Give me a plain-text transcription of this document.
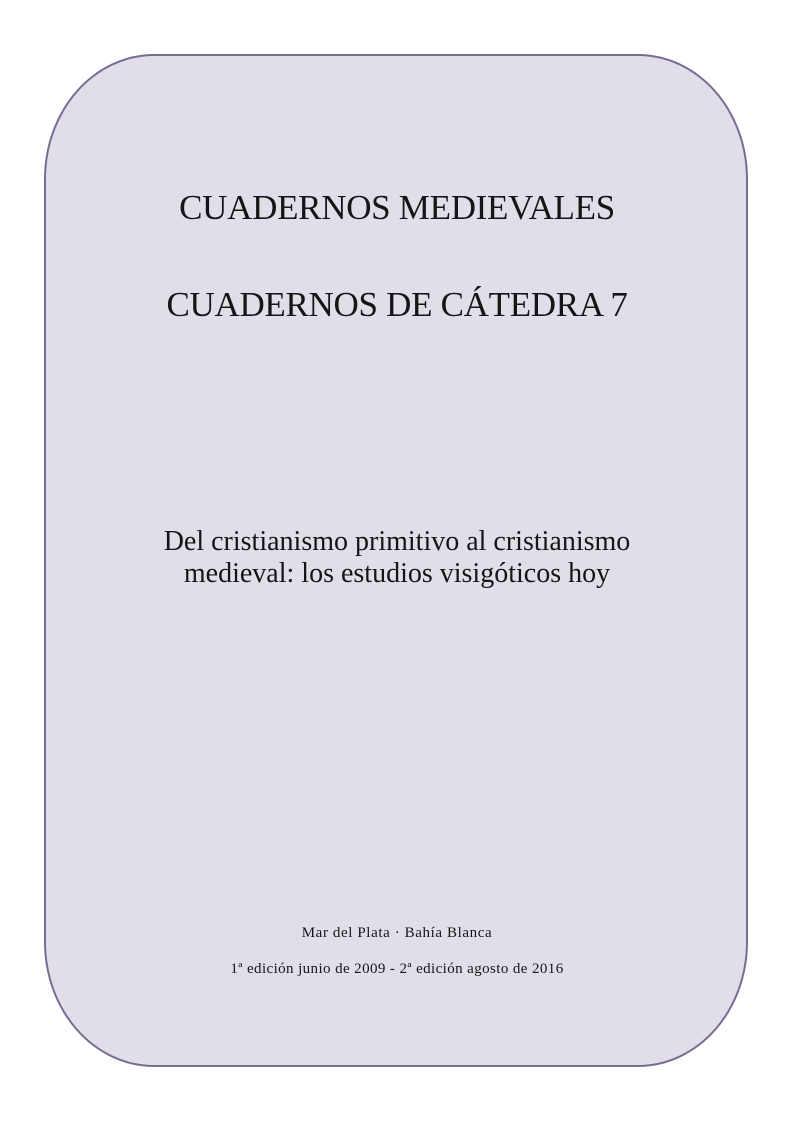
CUADERNOS MEDIEVALES
CUADERNOS DE CÁTEDRA 7
Del cristianismo primitivo al cristianismo medieval: los estudios visigóticos hoy
Mar del Plata · Bahía Blanca
1ª edición junio de 2009 - 2ª edición agosto de 2016
